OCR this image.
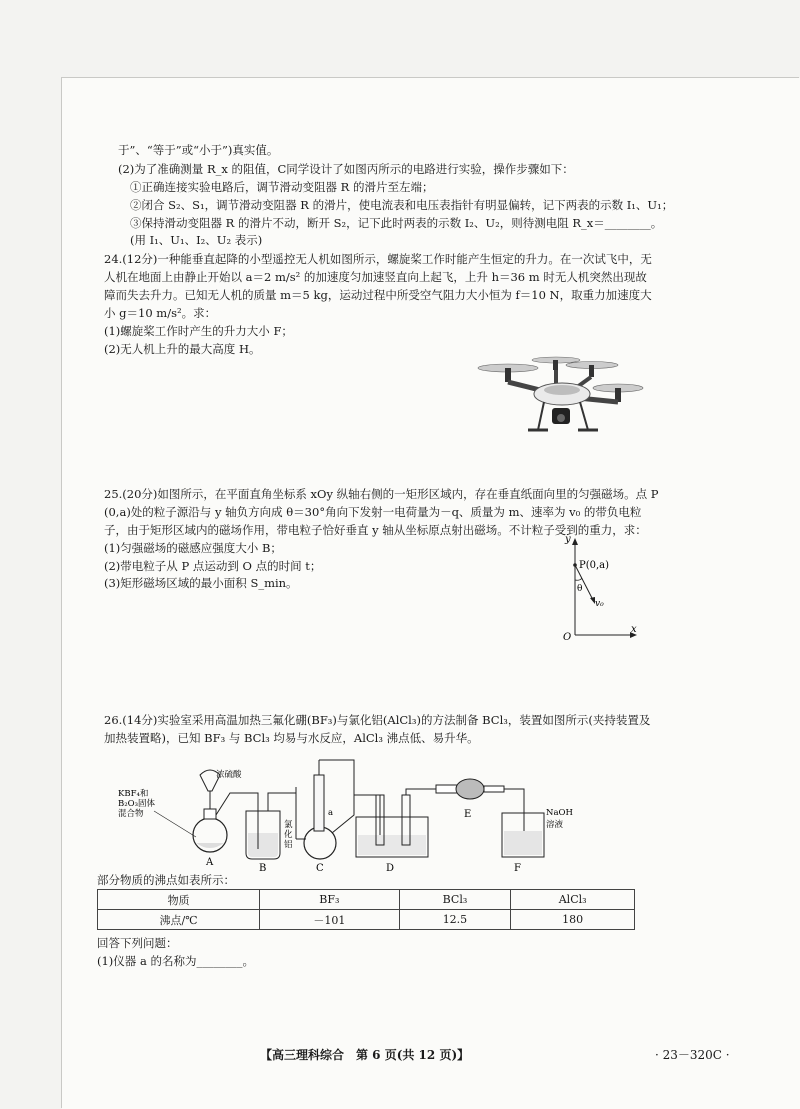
于”、“等于”或“小于”)真实值。
(2)为了准确测量 R_x 的阻值，C同学设计了如图丙所示的电路进行实验，操作步骤如下：
①正确连接实验电路后，调节滑动变阻器 R 的滑片至左端；
②闭合 S₂、S₁，调节滑动变阻器 R 的滑片，使电流表和电压表指针有明显偏转，记下两表的示数 I₁、U₁；
③保持滑动变阻器 R 的滑片不动，断开 S₂，记下此时两表的示数 I₂、U₂，则待测电阻 R_x＝________。
(用 I₁、U₁、I₂、U₂ 表示)
24.(12分)一种能垂直起降的小型遥控无人机如图所示，螺旋桨工作时能产生恒定的升力。在一次试飞中，无
人机在地面上由静止开始以 a＝2 m/s² 的加速度匀加速竖直向上起飞，上升 h＝36 m 时无人机突然出现故
障而失去升力。已知无人机的质量 m＝5 kg，运动过程中所受空气阻力大小恒为 f＝10 N，取重力加速度大
小 g＝10 m/s²。求：
(1)螺旋桨工作时产生的升力大小 F；
(2)无人机上升的最大高度 H。
25.(20分)如图所示，在平面直角坐标系 xOy 纵轴右侧的一矩形区域内，存在垂直纸面向里的匀强磁场。点 P
(0,a)处的粒子源沿与 y 轴负方向成 θ＝30°角向下发射一电荷量为－q、质量为 m、速率为 v₀ 的带负电粒
子，由于矩形区域内的磁场作用，带电粒子恰好垂直 y 轴从坐标原点射出磁场。不计粒子受到的重力，求：
(1)匀强磁场的磁感应强度大小 B；
(2)带电粒子从 P 点运动到 O 点的时间 t；
(3)矩形磁场区域的最小面积 S_min。
y
x
O
P(0,a)
θ
v₀
26.(14分)实验室采用高温加热三氟化硼(BF₃)与氯化铝(AlCl₃)的方法制备 BCl₃，装置如图所示(夹持装置及
加热装置略)，已知 BF₃ 与 BCl₃ 均易与水反应，AlCl₃ 沸点低、易升华。
KBF₄和
B₂O₃固体
混合物
浓硫酸
A
B
a
氯
化
铝
C	D
E	NaOH
溶液
F
部分物质的沸点如表所示：
物质	BF₃	BCl₃	AlCl₃
沸点/℃	－101	12.5	180
回答下列问题：
(1)仪器 a 的名称为________。
【高三理科综合　第 6 页(共 12 页)】	· 23－320C ·
